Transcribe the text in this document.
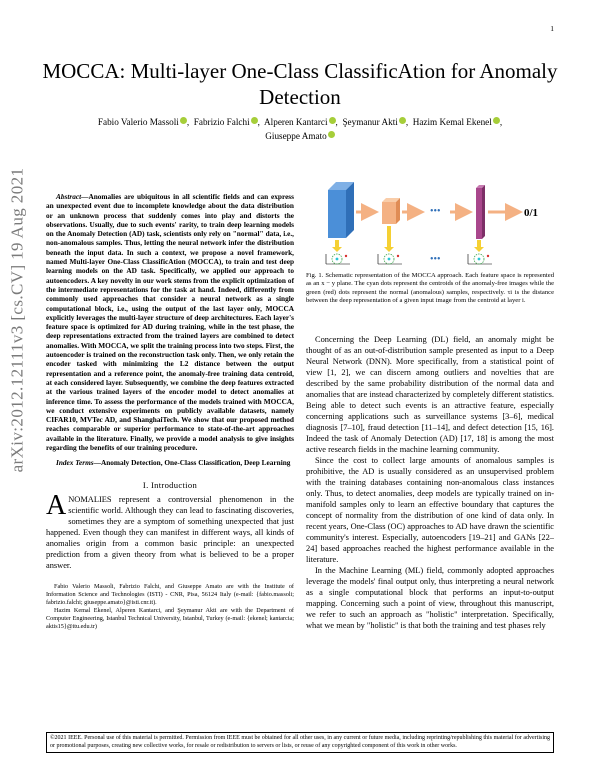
1
arXiv:2012.12111v3 [cs.CV] 19 Aug 2021
MOCCA: Multi-layer One-Class ClassificAtion for Anomaly Detection
Fabio Valerio Massoli ,  Fabrizio Falchi ,  Alperen Kantarci ,  Şeymanur Akti ,  Hazim Kemal Ekenel ,
Giuseppe Amato

Abstract—Anomalies are ubiquitous in all scientific fields and can express an unexpected event due to incomplete knowledge about the data distribution or an unknown process that suddenly comes into play and distorts the observations. Usually, due to such events' rarity, to train deep learning models on the Anomaly Detection (AD) task, scientists only rely on "normal" data, i.e., non-anomalous samples. Thus, letting the neural network infer the distribution beneath the input data. In such a context, we propose a novel framework, named Multi-layer One-Class ClassificAtion (MOCCA), to train and test deep learning models on the AD task. Specifically, we applied our approach to autoencoders. A key novelty in our work stems from the explicit optimization of the intermediate representations for the task at hand. Indeed, differently from commonly used approaches that consider a neural network as a single computational block, i.e., using the output of the last layer only, MOCCA explicitly leverages the multi-layer structure of deep architectures. Each layer's feature space is optimized for AD during training, while in the test phase, the deep representations extracted from the trained layers are combined to detect anomalies. With MOCCA, we split the training process into two steps. First, the autoencoder is trained on the reconstruction task only. Then, we only retain the encoder tasked with minimizing the L2 distance between the output representation and a reference point, the anomaly-free training data centroid, at each considered layer. Subsequently, we combine the deep features extracted at the various trained layers of the encoder model to detect anomalies at inference time. To assess the performance of the models trained with MOCCA, we conduct extensive experiments on publicly available datasets, namely CIFAR10, MVTec AD, and ShanghaiTech. We show that our proposed method reaches comparable or superior performance to state-of-the-art approaches available in the literature. Finally, we provide a model analysis to give insights regarding the benefits of our training procedure.

Index Terms—Anomaly Detection, One-Class Classification, Deep Learning

I. Introduction

ANOMALIES represent a controversial phenomenon in the scientific world. Although they can lead to fascinating discoveries, sometimes they are a symptom of something unexpected that just happened. Even though they can manifest in different ways, all kinds of anomalies origin from a common basic principle: an unexpected prediction from a given theory from what is believed to be a proper answer.

Fabio Valerio Massoli, Fabrizio Falchi, and Giuseppe Amato are with the Institute of Information Science and Technologies (ISTI) - CNR, Pisa, 56124 Italy (e-mail: {fabio.massoli; fabrizio.falchi; giuseppe.amato}@isti.cnr.it).

Hazim Kemal Ekenel, Alperen Kantarci, and Şeymanur Akti are with the Department of Computer Engineering, Istanbul Technical University, Istanbul, Turkey (e-mail: {ekenel; kantarcia; aktis15}@itu.edu.tr)

•••
•••
0/1

Fig. 1. Schematic representation of the MOCCA approach. Each feature space is represented as an x − y plane. The cyan dots represent the centroids of the anomaly-free images while the green (red) dots represent the normal (anomalous) samples, respectively. τi is the distance between the deep representation of a given input image from the centroid at layer i.

Concerning the Deep Learning (DL) field, an anomaly might be thought of as an out-of-distribution sample presented as input to a Deep Neural Network (DNN). More specifically, from a statistical point of view [1, 2], we can discern among outliers and novelties that are described by the same probability distribution of the normal data and anomalies that are instead characterized by completely different statistics. Being able to detect such events is an attractive feature, especially concerning applications such as surveillance systems [3–6], medical diagnosis [7–10], fraud detection [11–14], and defect detection [15, 16]. Indeed the task of Anomaly Detection (AD) [17, 18] is among the most active research fields in the machine learning community.

Since the cost to collect large amounts of anomalous samples is prohibitive, the AD is usually considered as an unsupervised problem with the training databases containing non-anomalous class instances only. Thus, to detect anomalies, deep models are typically trained on in-manifold samples only to learn an effective boundary that captures the concept of normality from the distribution of one kind of data only. In recent years, One-Class (OC) approaches to AD have drawn the scientific community's interest. Especially, autoencoders [19–21] and GANs [22–24] based approaches reached the highest performance available in the literature.

In the Machine Learning (ML) field, commonly adopted approaches leverage the models' final output only, thus interpreting a neural network as a single computational block that performs an input-to-output mapping. Concerning such a point of view, throughout this manuscript, we refer to such an approach as "holistic" interpretation. Specifically, what we mean by "holistic" is that both the training and test phases rely

©2021 IEEE. Personal use of this material is permitted. Permission from IEEE must be obtained for all other uses, in any current or future media, including reprinting/republishing this material for advertising or promotional purposes, creating new collective works, for resale or redistribution to servers or lists, or reuse of any copyrighted component of this work in other works.
